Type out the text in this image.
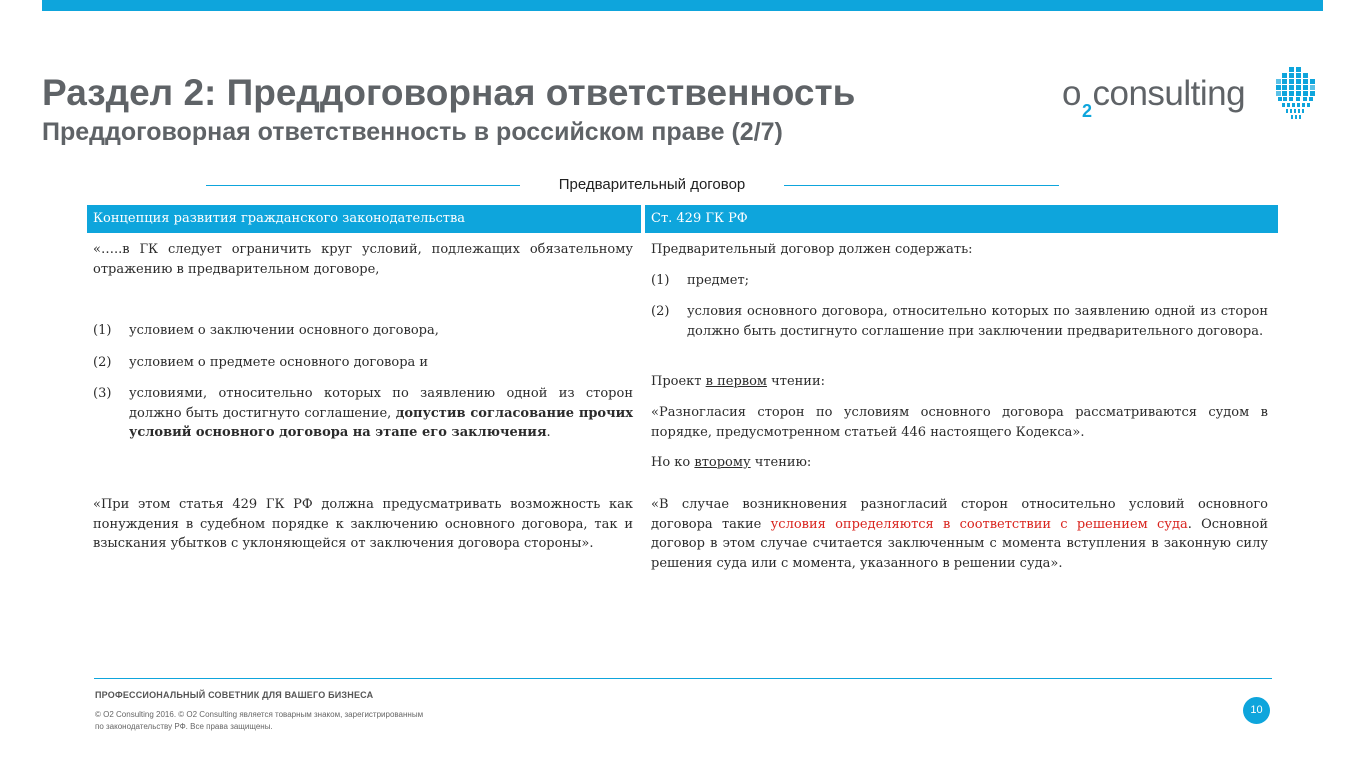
Раздел 2: Преддоговорная ответственность
Преддоговорная ответственность в российском праве (2/7)
$o_2consulting$
Предварительный договор
Концепция развития гражданского законодательства	Ст. 429 ГК РФ
«…..в ГК следует ограничить круг условий, подлежащих обязательному отражению в предварительном договоре,
(1) условием о заключении основного договора,
(2) условием о предмете основного договора и
(3) условиями, относительно которых по заявлению одной из сторон должно быть достигнуто соглашение, допустив согласование прочих условий основного договора на этапе его заключения.
«При этом статья 429 ГК РФ должна предусматривать возможность как понуждения в судебном порядке к заключению основного договора, так и взыскания убытков с уклоняющейся от заключения договора стороны».
Предварительный договор должен содержать:
(1) предмет;
(2) условия основного договора, относительно которых по заявлению одной из сторон должно быть достигнуто соглашение при заключении предварительного договора.
Проект в первом чтении:
«Разногласия сторон по условиям основного договора рассматриваются судом в порядке, предусмотренном статьей 446 настоящего Кодекса».
Но ко второму чтению:
«В случае возникновения разногласий сторон относительно условий основного договора такие условия определяются в соответствии с решением суда. Основной договор в этом случае считается заключенным с момента вступления в законную силу решения суда или с момента, указанного в решении суда».
ПРОФЕССИОНАЛЬНЫЙ СОВЕТНИК ДЛЯ ВАШЕГО БИЗНЕСА
© O2 Consulting 2016. © O2 Consulting является товарным знаком, зарегистрированным по законодательству РФ. Все права защищены.
10
